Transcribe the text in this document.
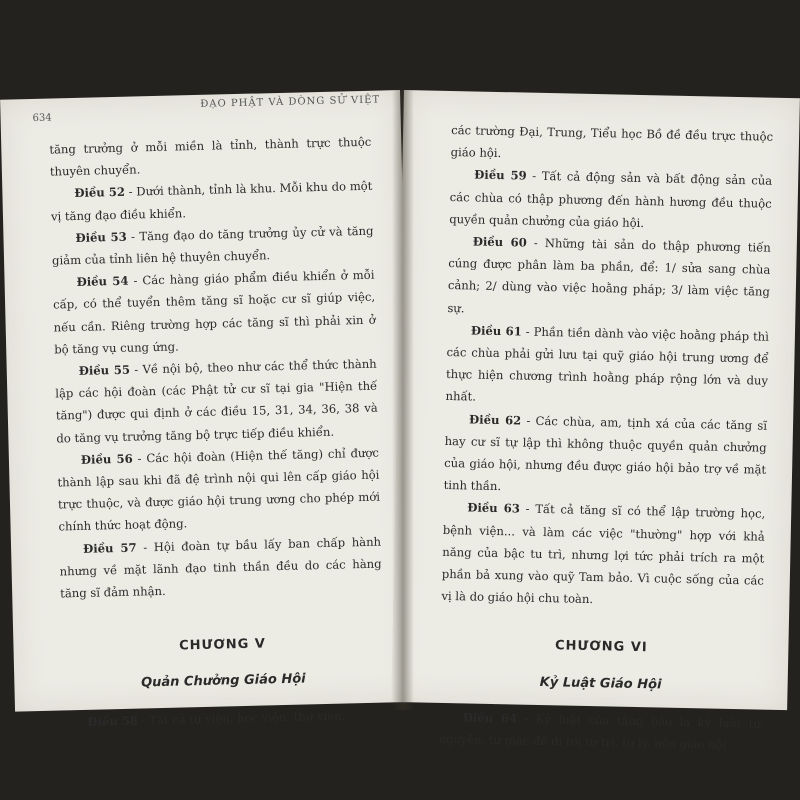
634
ĐẠO PHẬT VÀ DÒNG SỬ VIỆT

tăng trưởng ở mỗi miền là tỉnh, thành trực thuộc thuyên chuyển.

Điều 52 - Dưới thành, tỉnh là khu. Mỗi khu do một vị tăng đạo điều khiển.

Điều 53 - Tăng đạo do tăng trưởng ủy cử và tăng giảm của tỉnh liên hệ thuyên chuyển.

Điều 54 - Các hàng giáo phẩm điều khiển ở mỗi cấp, có thể tuyển thêm tăng sĩ hoặc cư sĩ giúp việc, nếu cần. Riêng trường hợp các tăng sĩ thì phải xin ở bộ tăng vụ cung ứng.

Điều 55 - Về nội bộ, theo như các thể thức thành lập các hội đoàn (các Phật tử cư sĩ tại gia "Hiện thế tăng") được qui định ở các điều 15, 31, 34, 36, 38 và do tăng vụ trưởng tăng bộ trực tiếp điều khiển.

Điều 56 - Các hội đoàn (Hiện thế tăng) chỉ được thành lập sau khi đã đệ trình nội qui lên cấp giáo hội trực thuộc, và được giáo hội trung ương cho phép mới chính thức hoạt động.

Điều 57 - Hội đoàn tự bầu lấy ban chấp hành nhưng về mặt lãnh đạo tinh thần đều do các hàng tăng sĩ đảm nhận.

CHƯƠNG V
Quản Chưởng Giáo Hội

Điều 58 - Tất cả tự viện, học viện, thư viện,

các trường Đại, Trung, Tiểu học Bồ đề đều trực thuộc giáo hội.

Điều 59 - Tất cả động sản và bất động sản của các chùa có thập phương đến hành hương đều thuộc quyền quản chưởng của giáo hội.

Điều 60 - Những tài sản do thập phương tiến cúng được phân làm ba phần, để: 1/ sửa sang chùa cảnh; 2/ dùng vào việc hoằng pháp; 3/ làm việc tăng sự.

Điều 61 - Phần tiền dành vào việc hoằng pháp thì các chùa phải gửi lưu tại quỹ giáo hội trung ương để thực hiện chương trình hoằng pháp rộng lớn và duy nhất.

Điều 62 - Các chùa, am, tịnh xá của các tăng sĩ hay cư sĩ tự lập thì không thuộc quyền quản chưởng của giáo hội, nhưng đều được giáo hội bảo trợ về mặt tinh thần.

Điều 63 - Tất cả tăng sĩ có thể lập trường học, bệnh viện... và làm các việc "thường" hợp với khả năng của bậc tu trì, nhưng lợi tức phải trích ra một phần bả xung vào quỹ Tam bảo. Vì cuộc sống của các vị là do giáo hội chu toàn.

CHƯƠNG VI
Kỷ Luật Giáo Hội

Điều 64 - Kỷ luật của tăng bảo là kỷ luật tự nguyện, tự giác để đi tới tự tri, tự lý, nên giáo hội
